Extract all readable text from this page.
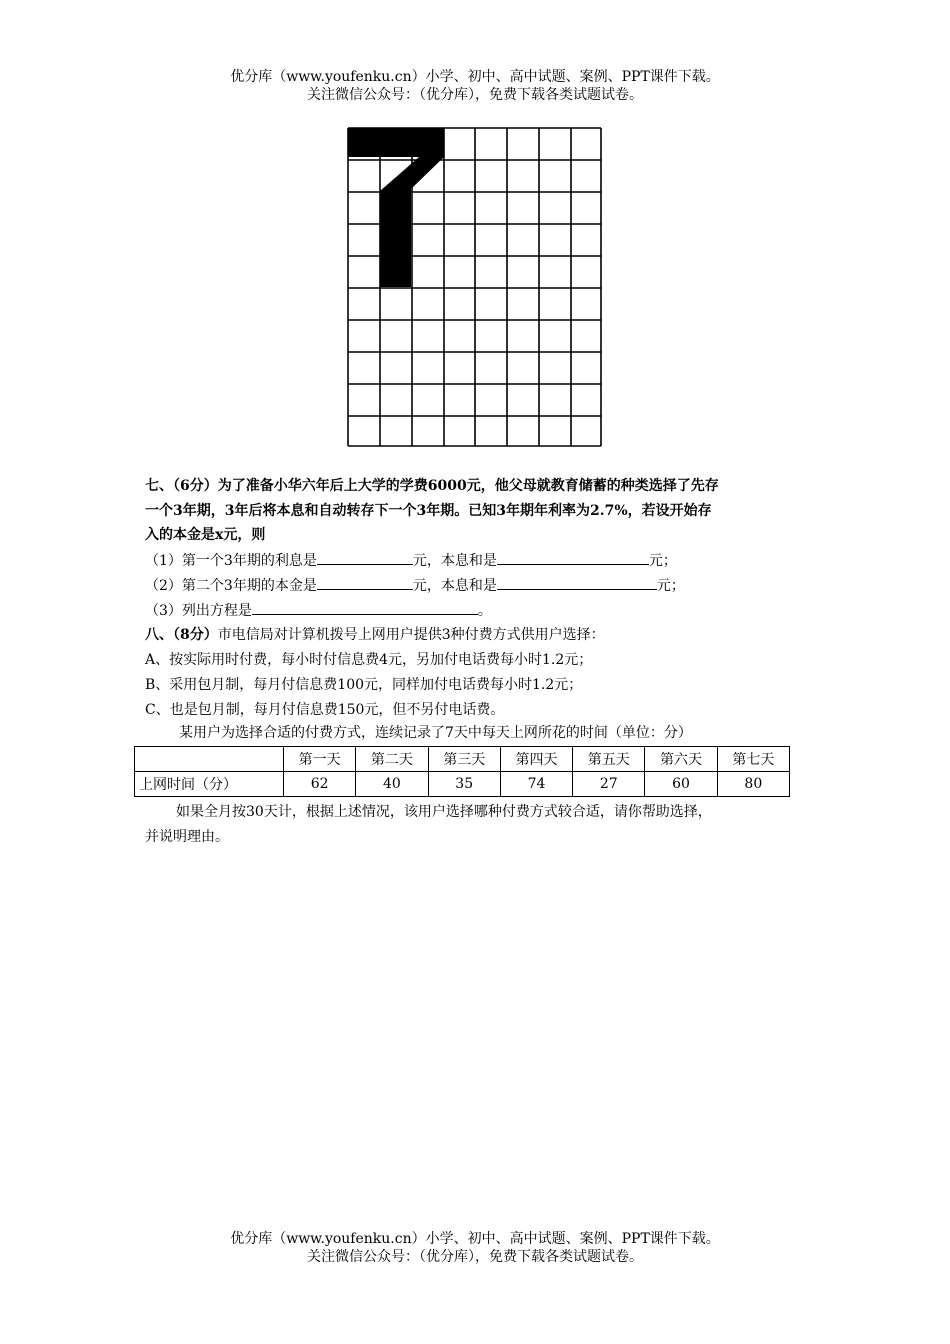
优分库（www.youfenku.cn）小学、初中、高中试题、案例、PPT课件下载。
关注微信公众号：（优分库），免费下载各类试题试卷。
七、（6分）为了准备小华六年后上大学的学费6000元，他父母就教育储蓄的种类选择了先存
一个3年期，3年后将本息和自动转存下一个3年期。已知3年期年利率为2.7%，若设开始存
入的本金是x元，则
（1）第一个3年期的利息是	元，本息和是	元；
（2）第二个3年期的本金是	元，本息和是	元；
（3）列出方程是	。
八、（8分）市电信局对计算机拨号上网用户提供3种付费方式供用户选择：
A、按实际用时付费，每小时付信息费4元，另加付电话费每小时1.2元；
B、采用包月制，每月付信息费100元，同样加付电话费每小时1.2元；
C、也是包月制，每月付信息费150元，但不另付电话费。
某用户为选择合适的付费方式，连续记录了7天中每天上网所花的时间（单位：分）
	第一天	第二天	第三天	第四天	第五天	第六天	第七天
上网时间（分）	62	40	35	74	27	60	80
如果全月按30天计，根据上述情况，该用户选择哪种付费方式较合适，请你帮助选择，
并说明理由。
优分库（www.youfenku.cn）小学、初中、高中试题、案例、PPT课件下载。
关注微信公众号：（优分库），免费下载各类试题试卷。
